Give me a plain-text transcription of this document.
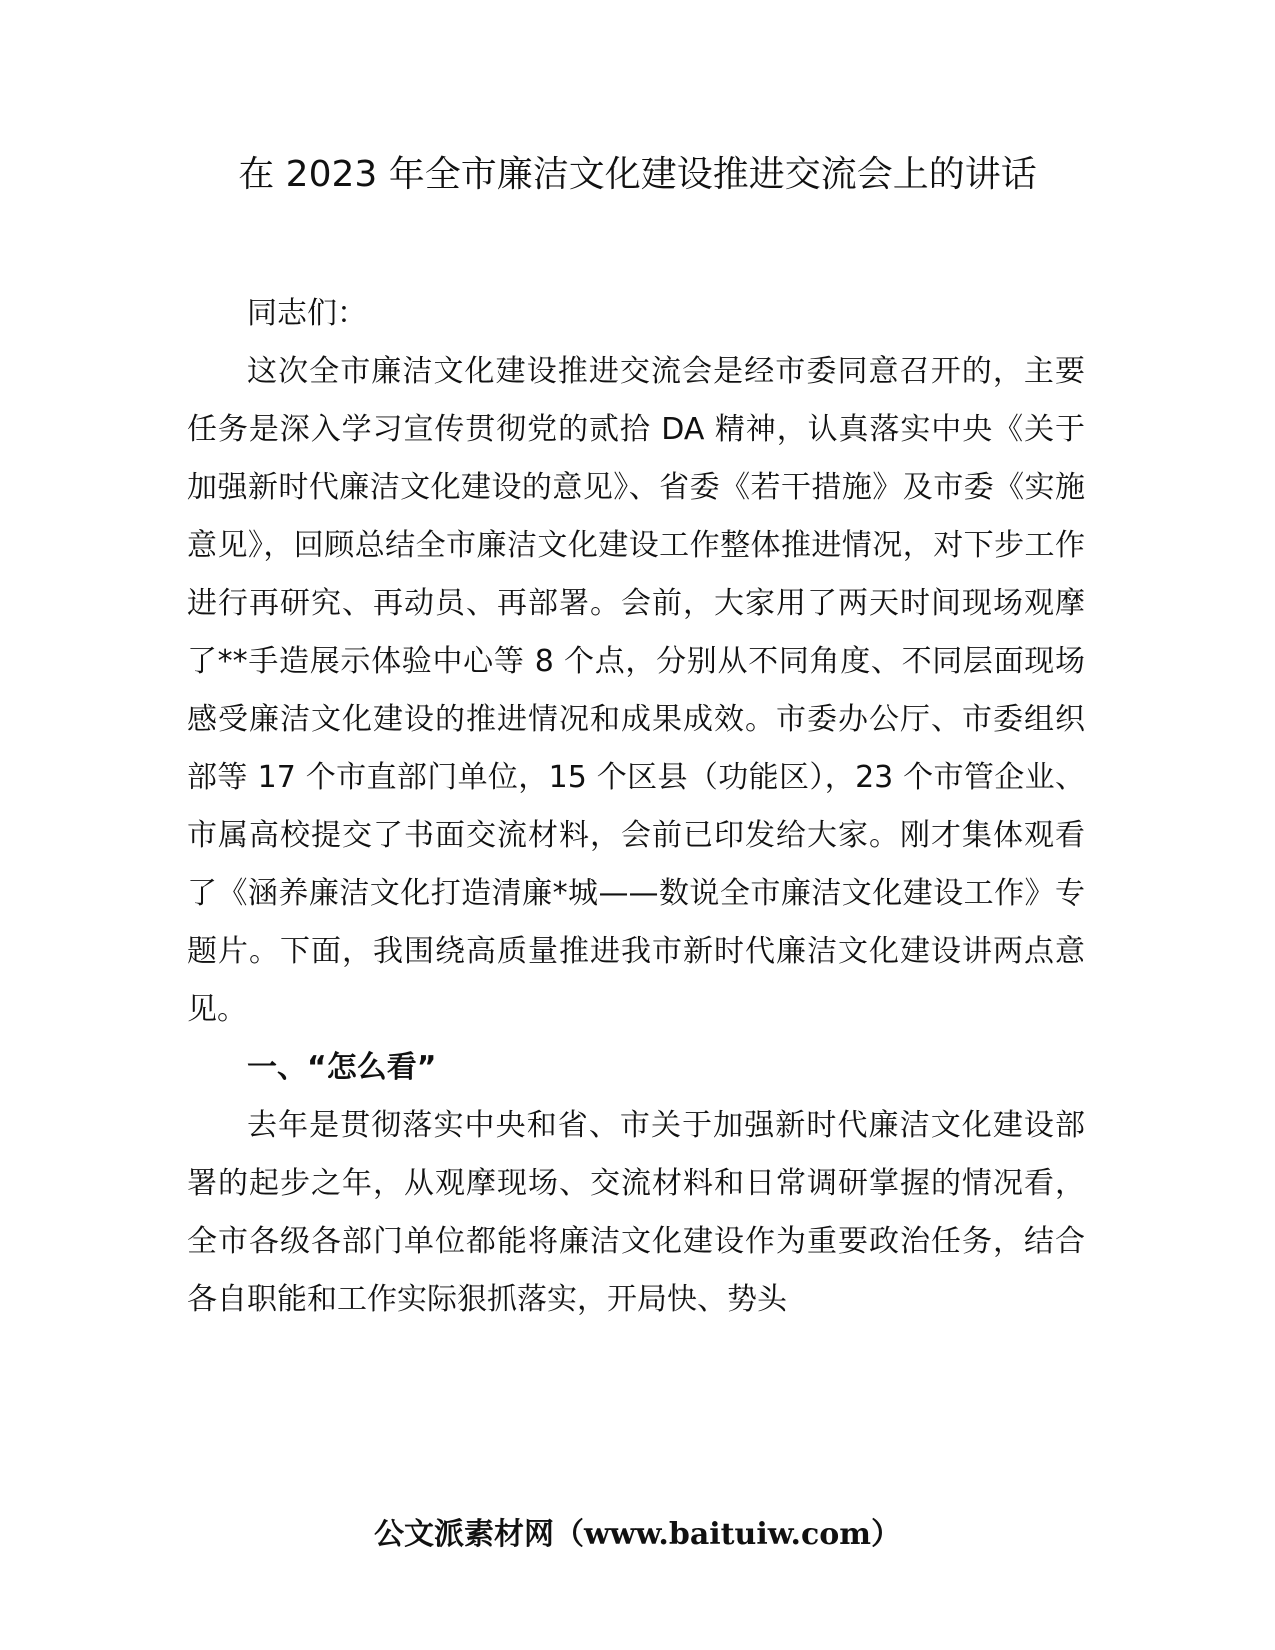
在 2023 年全市廉洁文化建设推进交流会上的讲话

同志们：

这次全市廉洁文化建设推进交流会是经市委同意召开的，主要任务是深入学习宣传贯彻党的贰拾 DA 精神，认真落实中央《关于加强新时代廉洁文化建设的意见》、省委《若干措施》及市委《实施意见》，回顾总结全市廉洁文化建设工作整体推进情况，对下步工作进行再研究、再动员、再部署。会前，大家用了两天时间现场观摩了**手造展示体验中心等 8 个点，分别从不同角度、不同层面现场感受廉洁文化建设的推进情况和成果成效。市委办公厅、市委组织部等 17 个市直部门单位，15 个区县（功能区），23 个市管企业、市属高校提交了书面交流材料，会前已印发给大家。刚才集体观看了《涵养廉洁文化打造清廉*城——数说全市廉洁文化建设工作》专题片。下面，我围绕高质量推进我市新时代廉洁文化建设讲两点意见。

一、“怎么看”

去年是贯彻落实中央和省、市关于加强新时代廉洁文化建设部署的起步之年，从观摩现场、交流材料和日常调研掌握的情况看，全市各级各部门单位都能将廉洁文化建设作为重要政治任务，结合各自职能和工作实际狠抓落实，开局快、势头

公文派素材网（www.baituiw.com）
